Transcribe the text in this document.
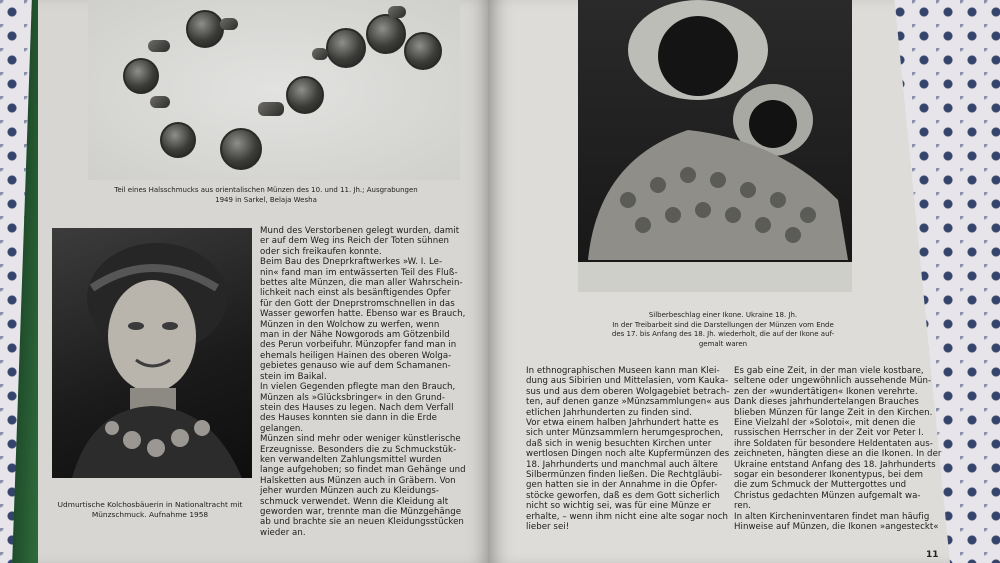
Teil eines Halsschmucks aus orientalischen Münzen des 10. und 11. Jh.; Ausgrabungen 1949 in Sarkel, Belaja Wesha
Udmurtische Kolchosbäuerin in Nationaltracht mit Münzschmuck. Aufnahme 1958
Mund des Verstorbenen gelegt wurden, damit
er auf dem Weg ins Reich der Toten sühnen
oder sich freikaufen konnte.
Beim Bau des Dneprkraftwerkes »W. I. Le-
nin« fand man im entwässerten Teil des Fluß-
bettes alte Münzen, die man aller Wahrschein-
lichkeit nach einst als besänftigendes Opfer
für den Gott der Dneprstromschnellen in das
Wasser geworfen hatte. Ebenso war es Brauch,
Münzen in den Wolchow zu werfen, wenn
man in der Nähe Nowgorods am Götzenbild
des Perun vorbeifuhr. Münzopfer fand man in
ehemals heiligen Hainen des oberen Wolga-
gebietes genauso wie auf dem Schamanen-
stein im Baikal.
In vielen Gegenden pflegte man den Brauch,
Münzen als »Glücksbringer« in den Grund-
stein des Hauses zu legen. Nach dem Verfall
des Hauses konnten sie dann in die Erde
gelangen.
Münzen sind mehr oder weniger künstlerische
Erzeugnisse. Besonders die zu Schmuckstük-
ken verwandelten Zahlungsmittel wurden
lange aufgehoben; so findet man Gehänge und
Halsketten aus Münzen auch in Gräbern. Von
jeher wurden Münzen auch zu Kleidungs-
schmuck verwendet. Wenn die Kleidung alt
geworden war, trennte man die Münzgehänge
ab und brachte sie an neuen Kleidungsstücken
wieder an.
Silberbeschlag einer Ikone. Ukraine 18. Jh.
In der Treibarbeit sind die Darstellungen der Münzen vom Ende
des 17. bis Anfang des 18. Jh. wiederholt, die auf der Ikone auf-
gemalt waren
In ethnographischen Museen kann man Klei-
dung aus Sibirien und Mittelasien, vom Kauka-
sus und aus dem oberen Wolgagebiet betrach-
ten, auf denen ganze »Münzsammlungen« aus
etlichen Jahrhunderten zu finden sind.
Vor etwa einem halben Jahrhundert hatte es
sich unter Münzsammlern herumgesprochen,
daß sich in wenig besuchten Kirchen unter
wertlosen Dingen noch alte Kupfermünzen des
18. Jahrhunderts und manchmal auch ältere
Silbermünzen finden ließen. Die Rechtgläubi-
gen hatten sie in der Annahme in die Opfer-
stöcke geworfen, daß es dem Gott sicherlich
nicht so wichtig sei, was für eine Münze er
erhalte, – wenn ihm nicht eine alte sogar noch
lieber sei!
Es gab eine Zeit, in der man viele kostbare,
seltene oder ungewöhnlich aussehende Mün-
zen der »wundertätigen« Ikonen verehrte.
Dank dieses jahrhundertelangen Brauches
blieben Münzen für lange Zeit in den Kirchen.
Eine Vielzahl der »Solotoi«, mit denen die
russischen Herrscher in der Zeit vor Peter I.
ihre Soldaten für besondere Heldentaten aus-
zeichneten, hängten diese an die Ikonen. In der
Ukraine entstand Anfang des 18. Jahrhunderts
sogar ein besonderer Ikonentypus, bei dem
die zum Schmuck der Muttergottes und
Christus gedachten Münzen aufgemalt wa-
ren.
In alten Kircheninventaren findet man häufig
Hinweise auf Münzen, die Ikonen »angesteckt«
11
